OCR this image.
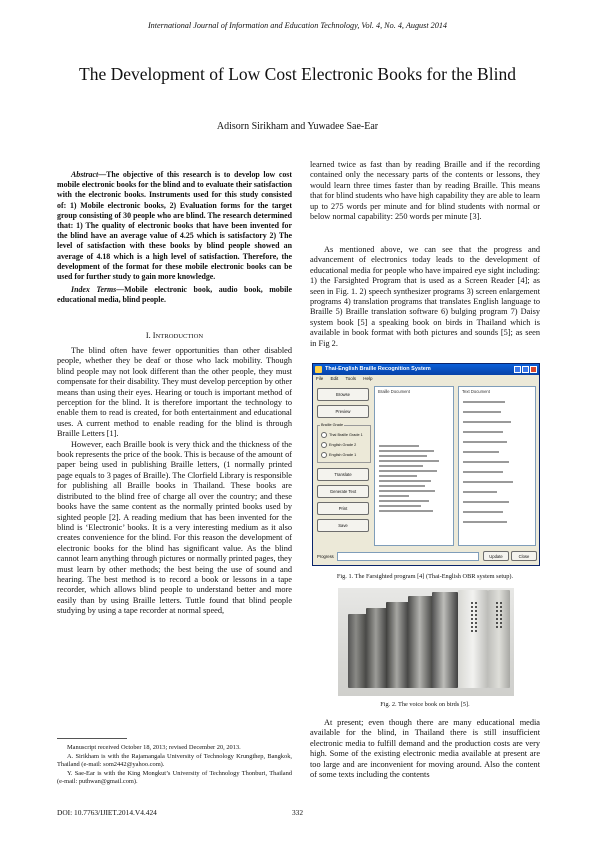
International Journal of Information and Education Technology, Vol. 4, No. 4, August 2014
The Development of Low Cost Electronic Books for the Blind
Adisorn Sirikham and Yuwadee Sae-Ear

Abstract—The objective of this research is to develop low cost mobile electronic books for the blind and to evaluate their satisfaction with the electronic books. Instruments used for this study consisted of: 1) Mobile electronic books, 2) Evaluation forms for the target group consisting of 30 people who are blind. The research determined that: 1) The quality of electronic books that have been invented for the blind have an average value of 4.25 which is satisfactory 2) The level of satisfaction with these books by blind people showed an average of 4.18 which is a high level of satisfaction. Therefore, the development of the format for these mobile electronic books can be used for further study to gain more knowledge.

Index Terms—Mobile electronic book, audio book, mobile educational media, blind people.

I. INTRODUCTION

The blind often have fewer opportunities than other disabled people, whether they be deaf or those who lack mobility. Though blind people may not look different than the other people, they must compensate for their disability. They must develop perception by other means than using their eyes. Hearing or touch is important method of perception for the blind. It is therefore important the technology to enable them to read is created, for both entertainment and educational uses. A current method to enable reading for the blind is through Braille Letters [1].

However, each Braille book is very thick and the thickness of the book represents the price of the book. This is because of the amount of paper being used in publishing Braille letters, (1 normally printed page equals to 3 pages of Braille). The Clorfield Library is responsible for publishing all Braille books in Thailand. These books are distributed to the blind free of charge all over the country; and these books have the same content as the normally printed books used by sighted people [2]. A reading medium that has been invented for the blind is ‘Electronic’ books. It is a very interesting medium as it also creates convenience for the blind. For this reason the development of electronic books for the blind has significant value. As the blind cannot learn anything through pictures or normally printed pages, they must learn by other methods; the best being the use of sound and hearing. The best method is to record a book or lessons in a tape recorder, which allows blind people to understand better and more easily than by using Braille letters. Tuttle found that blind people studying by using a tape recorder at normal speed,

Manuscript received October 18, 2013; revised December 20, 2013.

A. Sirikham is with the Rajamangala University of Technology Krungthep, Bangkok, Thailand (e-mail: som2442@yahoo.com).

Y. Sae-Ear is with the King Mongkut’s University of Technology Thonburi, Thailand (e-mail: puthwan@gmail.com).

learned twice as fast than by reading Braille and if the recording contained only the necessary parts of the contents or lessons, they would learn three times faster than by reading Braille. This means that for blind students who have high capability they are able to learn up to 275 words per minute and for blind students with normal or below normal capability: 250 words per minute [3].

As mentioned above, we can see that the progress and advancement of electronics today leads to the development of educational media for people who have impaired eye sight including: 1) the Farsighted Program that is used as a Screen Reader [4]; as seen in Fig. 1. 2) speech synthesizer programs 3) screen enlargement programs 4) translation programs that translates English language to Braille 5) Braille translation software 6) bulging program 7) Daisy system book [5] a speaking book on birds in Thailand which is available in book format with both pictures and sounds [5]; as seen in Fig 2.

Thai-English Braille Recognition System
File Edit Tools Help
Browse
Preview
Braille Grade
Thai Braille Grade 1
English Grade 2
English Grade 1
Translate
Generate Text
Print
Save
Braille Document	Text Document
Progress	Update	Close
Fig. 1. The Farsighted program [4] (Thai-English OBR system setup).
Fig. 2. The voice book on birds [5].

At present; even though there are many educational media available for the blind, in Thailand there is still insufficient electronic media to fulfill demand and the production costs are very high. Some of the existing electronic media available at present are too large and are inconvenient for moving around. Also the content of some texts including the contents

DOI: 10.7763/IJIET.2014.V4.424	332
